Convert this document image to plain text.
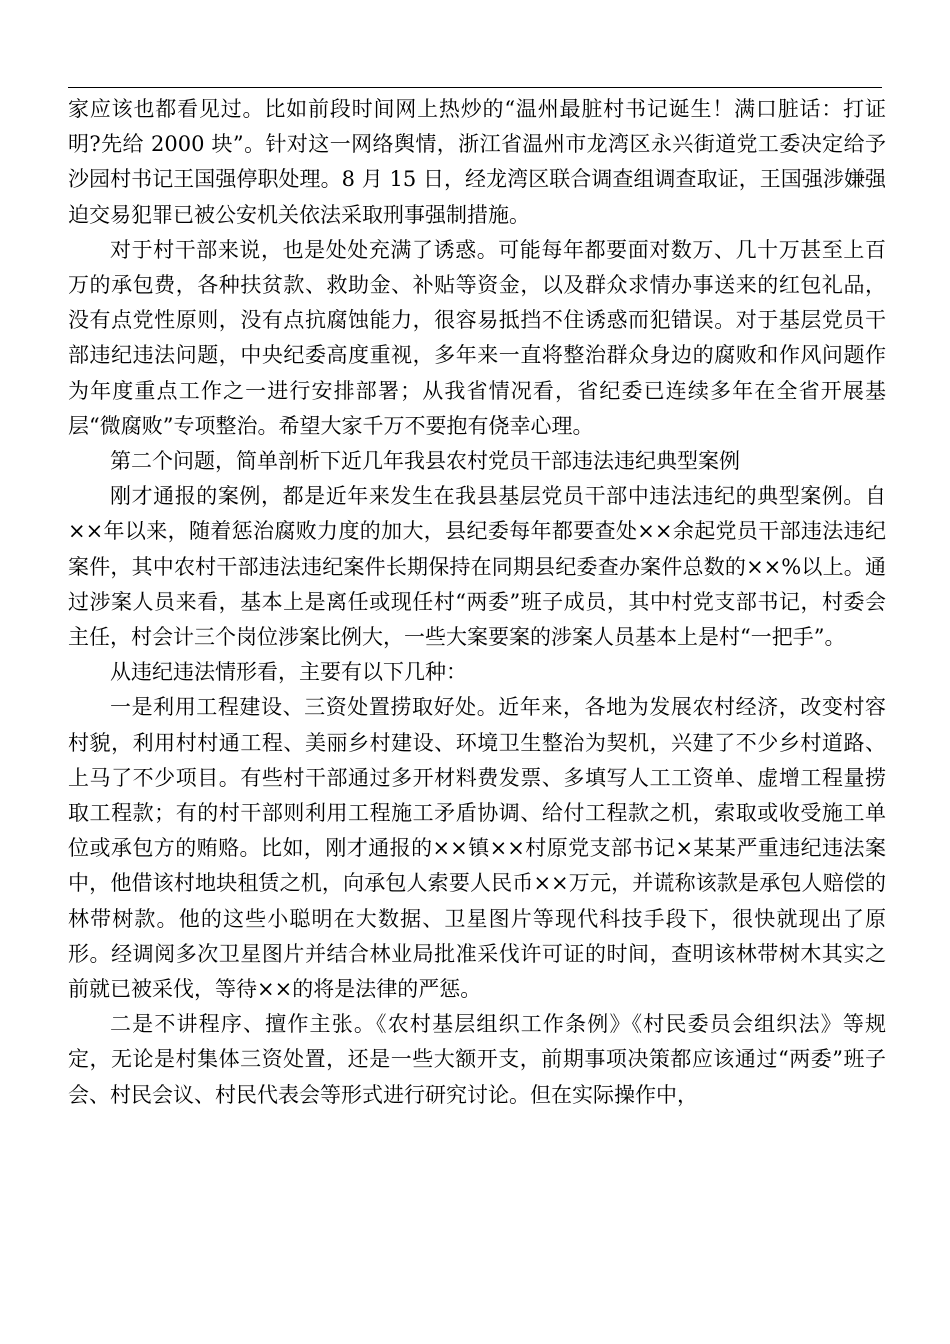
家应该也都看见过。比如前段时间网上热炒的“温州最脏村书记诞生！满口脏话：打证明?先给 2000 块”。针对这一网络舆情，浙江省温州市龙湾区永兴街道党工委决定给予沙园村书记王国强停职处理。8 月 15 日，经龙湾区联合调查组调查取证，王国强涉嫌强迫交易犯罪已被公安机关依法采取刑事强制措施。

对于村干部来说，也是处处充满了诱惑。可能每年都要面对数万、几十万甚至上百万的承包费，各种扶贫款、救助金、补贴等资金，以及群众求情办事送来的红包礼品，没有点党性原则，没有点抗腐蚀能力，很容易抵挡不住诱惑而犯错误。对于基层党员干部违纪违法问题，中央纪委高度重视，多年来一直将整治群众身边的腐败和作风问题作为年度重点工作之一进行安排部署；从我省情况看，省纪委已连续多年在全省开展基层“微腐败”专项整治。希望大家千万不要抱有侥幸心理。

第二个问题，简单剖析下近几年我县农村党员干部违法违纪典型案例

刚才通报的案例，都是近年来发生在我县基层党员干部中违法违纪的典型案例。自××年以来，随着惩治腐败力度的加大，县纪委每年都要查处××余起党员干部违法违纪案件，其中农村干部违法违纪案件长期保持在同期县纪委查办案件总数的××%以上。通过涉案人员来看，基本上是离任或现任村“两委”班子成员，其中村党支部书记，村委会主任，村会计三个岗位涉案比例大，一些大案要案的涉案人员基本上是村“一把手”。

从违纪违法情形看，主要有以下几种：

一是利用工程建设、三资处置捞取好处。近年来，各地为发展农村经济，改变村容村貌，利用村村通工程、美丽乡村建设、环境卫生整治为契机，兴建了不少乡村道路、上马了不少项目。有些村干部通过多开材料费发票、多填写人工工资单、虚增工程量捞取工程款；有的村干部则利用工程施工矛盾协调、给付工程款之机，索取或收受施工单位或承包方的贿赂。比如，刚才通报的××镇××村原党支部书记×某某严重违纪违法案中，他借该村地块租赁之机，向承包人索要人民币××万元，并谎称该款是承包人赔偿的林带树款。他的这些小聪明在大数据、卫星图片等现代科技手段下，很快就现出了原形。经调阅多次卫星图片并结合林业局批准采伐许可证的时间，查明该林带树木其实之前就已被采伐，等待××的将是法律的严惩。

二是不讲程序、擅作主张。《农村基层组织工作条例》《村民委员会组织法》等规定，无论是村集体三资处置，还是一些大额开支，前期事项决策都应该通过“两委”班子会、村民会议、村民代表会等形式进行研究讨论。但在实际操作中，
